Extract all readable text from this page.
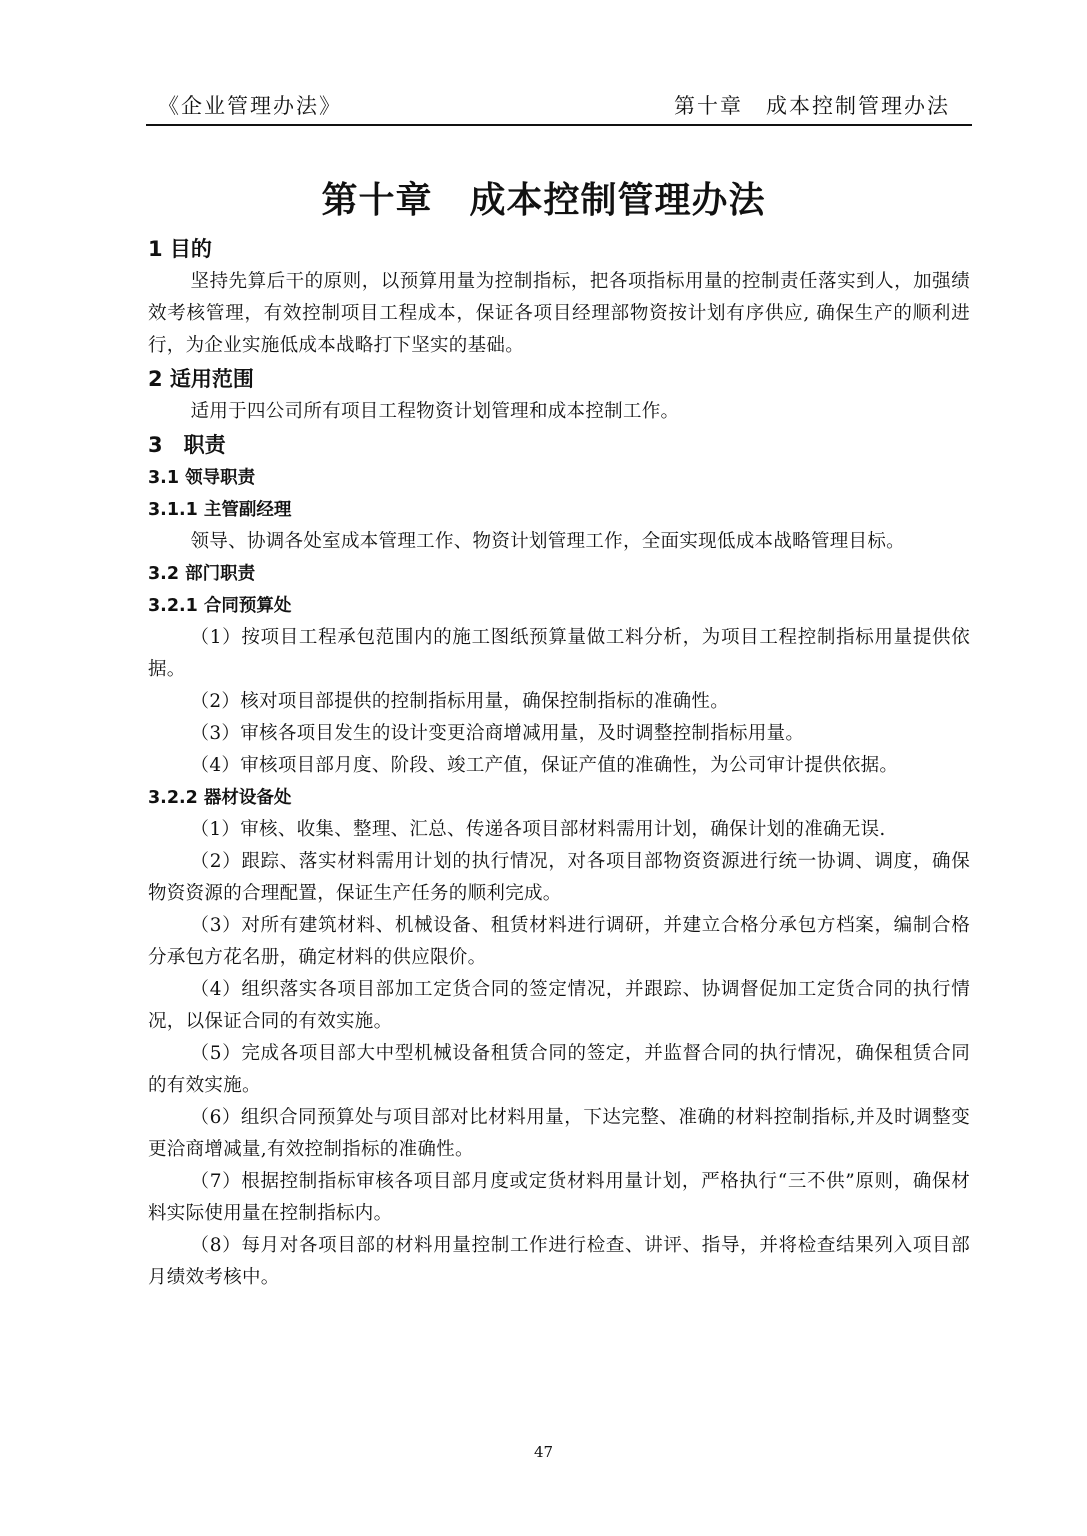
《企业管理办法》	第十章　成本控制管理办法
第十章　成本控制管理办法

1 目的

坚持先算后干的原则，以预算用量为控制指标，把各项指标用量的控制责任落实到人，加强绩效考核管理，有效控制项目工程成本，保证各项目经理部物资按计划有序供应, 确保生产的顺利进行，为企业实施低成本战略打下坚实的基础。

2 适用范围

适用于四公司所有项目工程物资计划管理和成本控制工作。

3　职责

3.1 领导职责

3.1.1 主管副经理

领导、协调各处室成本管理工作、物资计划管理工作，全面实现低成本战略管理目标。

3.2 部门职责

3.2.1 合同预算处

（1）按项目工程承包范围内的施工图纸预算量做工料分析，为项目工程控制指标用量提供依据。

（2）核对项目部提供的控制指标用量，确保控制指标的准确性。

（3）审核各项目发生的设计变更洽商增减用量，及时调整控制指标用量。

（4）审核项目部月度、阶段、竣工产值，保证产值的准确性，为公司审计提供依据。

3.2.2 器材设备处

（1）审核、收集、整理、汇总、传递各项目部材料需用计划，确保计划的准确无误.

（2）跟踪、落实材料需用计划的执行情况，对各项目部物资资源进行统一协调、调度，确保物资资源的合理配置，保证生产任务的顺利完成。

（3）对所有建筑材料、机械设备、租赁材料进行调研，并建立合格分承包方档案，编制合格分承包方花名册，确定材料的供应限价。

（4）组织落实各项目部加工定货合同的签定情况，并跟踪、协调督促加工定货合同的执行情况，以保证合同的有效实施。

（5）完成各项目部大中型机械设备租赁合同的签定，并监督合同的执行情况，确保租赁合同的有效实施。

（6）组织合同预算处与项目部对比材料用量，下达完整、准确的材料控制指标,并及时调整变更洽商增减量,有效控制指标的准确性。

（7）根据控制指标审核各项目部月度或定货材料用量计划，严格执行“三不供”原则，确保材料实际使用量在控制指标内。

（8）每月对各项目部的材料用量控制工作进行检查、讲评、指导，并将检查结果列入项目部月绩效考核中。

47
